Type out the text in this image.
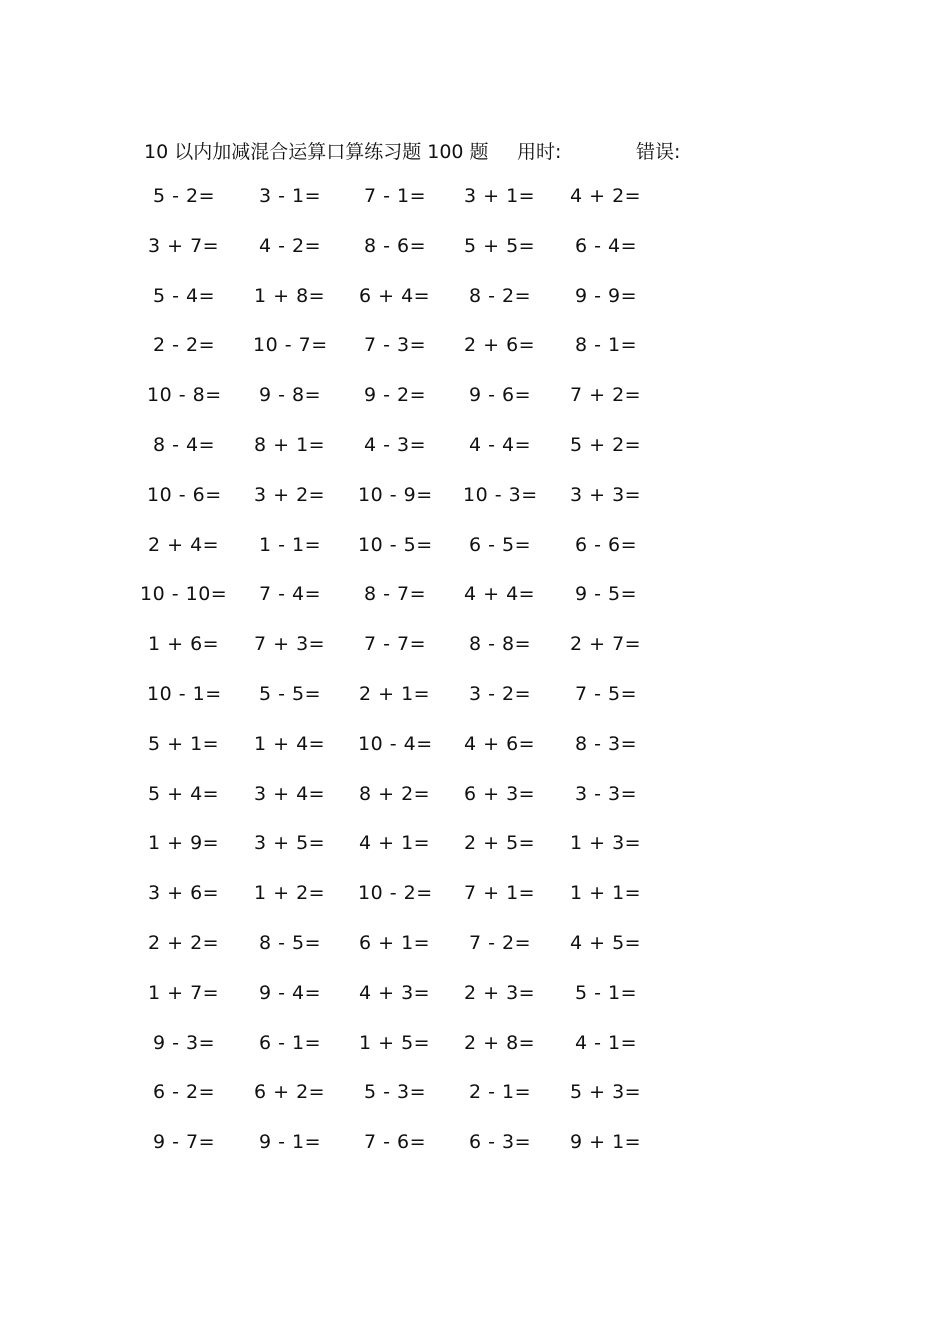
10 以内加减混合运算口算练习题 100 题 用时:	错误:
5 - 2= 3 - 1= 7 - 1= 3 + 1= 4 + 2=
3 + 7= 4 - 2= 8 - 6= 5 + 5= 6 - 4=
5 - 4= 1 + 8= 6 + 4= 8 - 2= 9 - 9=
2 - 2= 10 - 7= 7 - 3= 2 + 6= 8 - 1=
10 - 8= 9 - 8= 9 - 2= 9 - 6= 7 + 2=
8 - 4= 8 + 1= 4 - 3= 4 - 4= 5 + 2=
10 - 6= 3 + 2= 10 - 9= 10 - 3= 3 + 3=
2 + 4= 1 - 1= 10 - 5= 6 - 5= 6 - 6=
10 - 10= 7 - 4= 8 - 7= 4 + 4= 9 - 5=
1 + 6= 7 + 3= 7 - 7= 8 - 8= 2 + 7=
10 - 1= 5 - 5= 2 + 1= 3 - 2= 7 - 5=
5 + 1= 1 + 4= 10 - 4= 4 + 6= 8 - 3=
5 + 4= 3 + 4= 8 + 2= 6 + 3= 3 - 3=
1 + 9= 3 + 5= 4 + 1= 2 + 5= 1 + 3=
3 + 6= 1 + 2= 10 - 2= 7 + 1= 1 + 1=
2 + 2= 8 - 5= 6 + 1= 7 - 2= 4 + 5=
1 + 7= 9 - 4= 4 + 3= 2 + 3= 5 - 1=
9 - 3= 6 - 1= 1 + 5= 2 + 8= 4 - 1=
6 - 2= 6 + 2= 5 - 3= 2 - 1= 5 + 3=
9 - 7= 9 - 1= 7 - 6= 6 - 3= 9 + 1=
